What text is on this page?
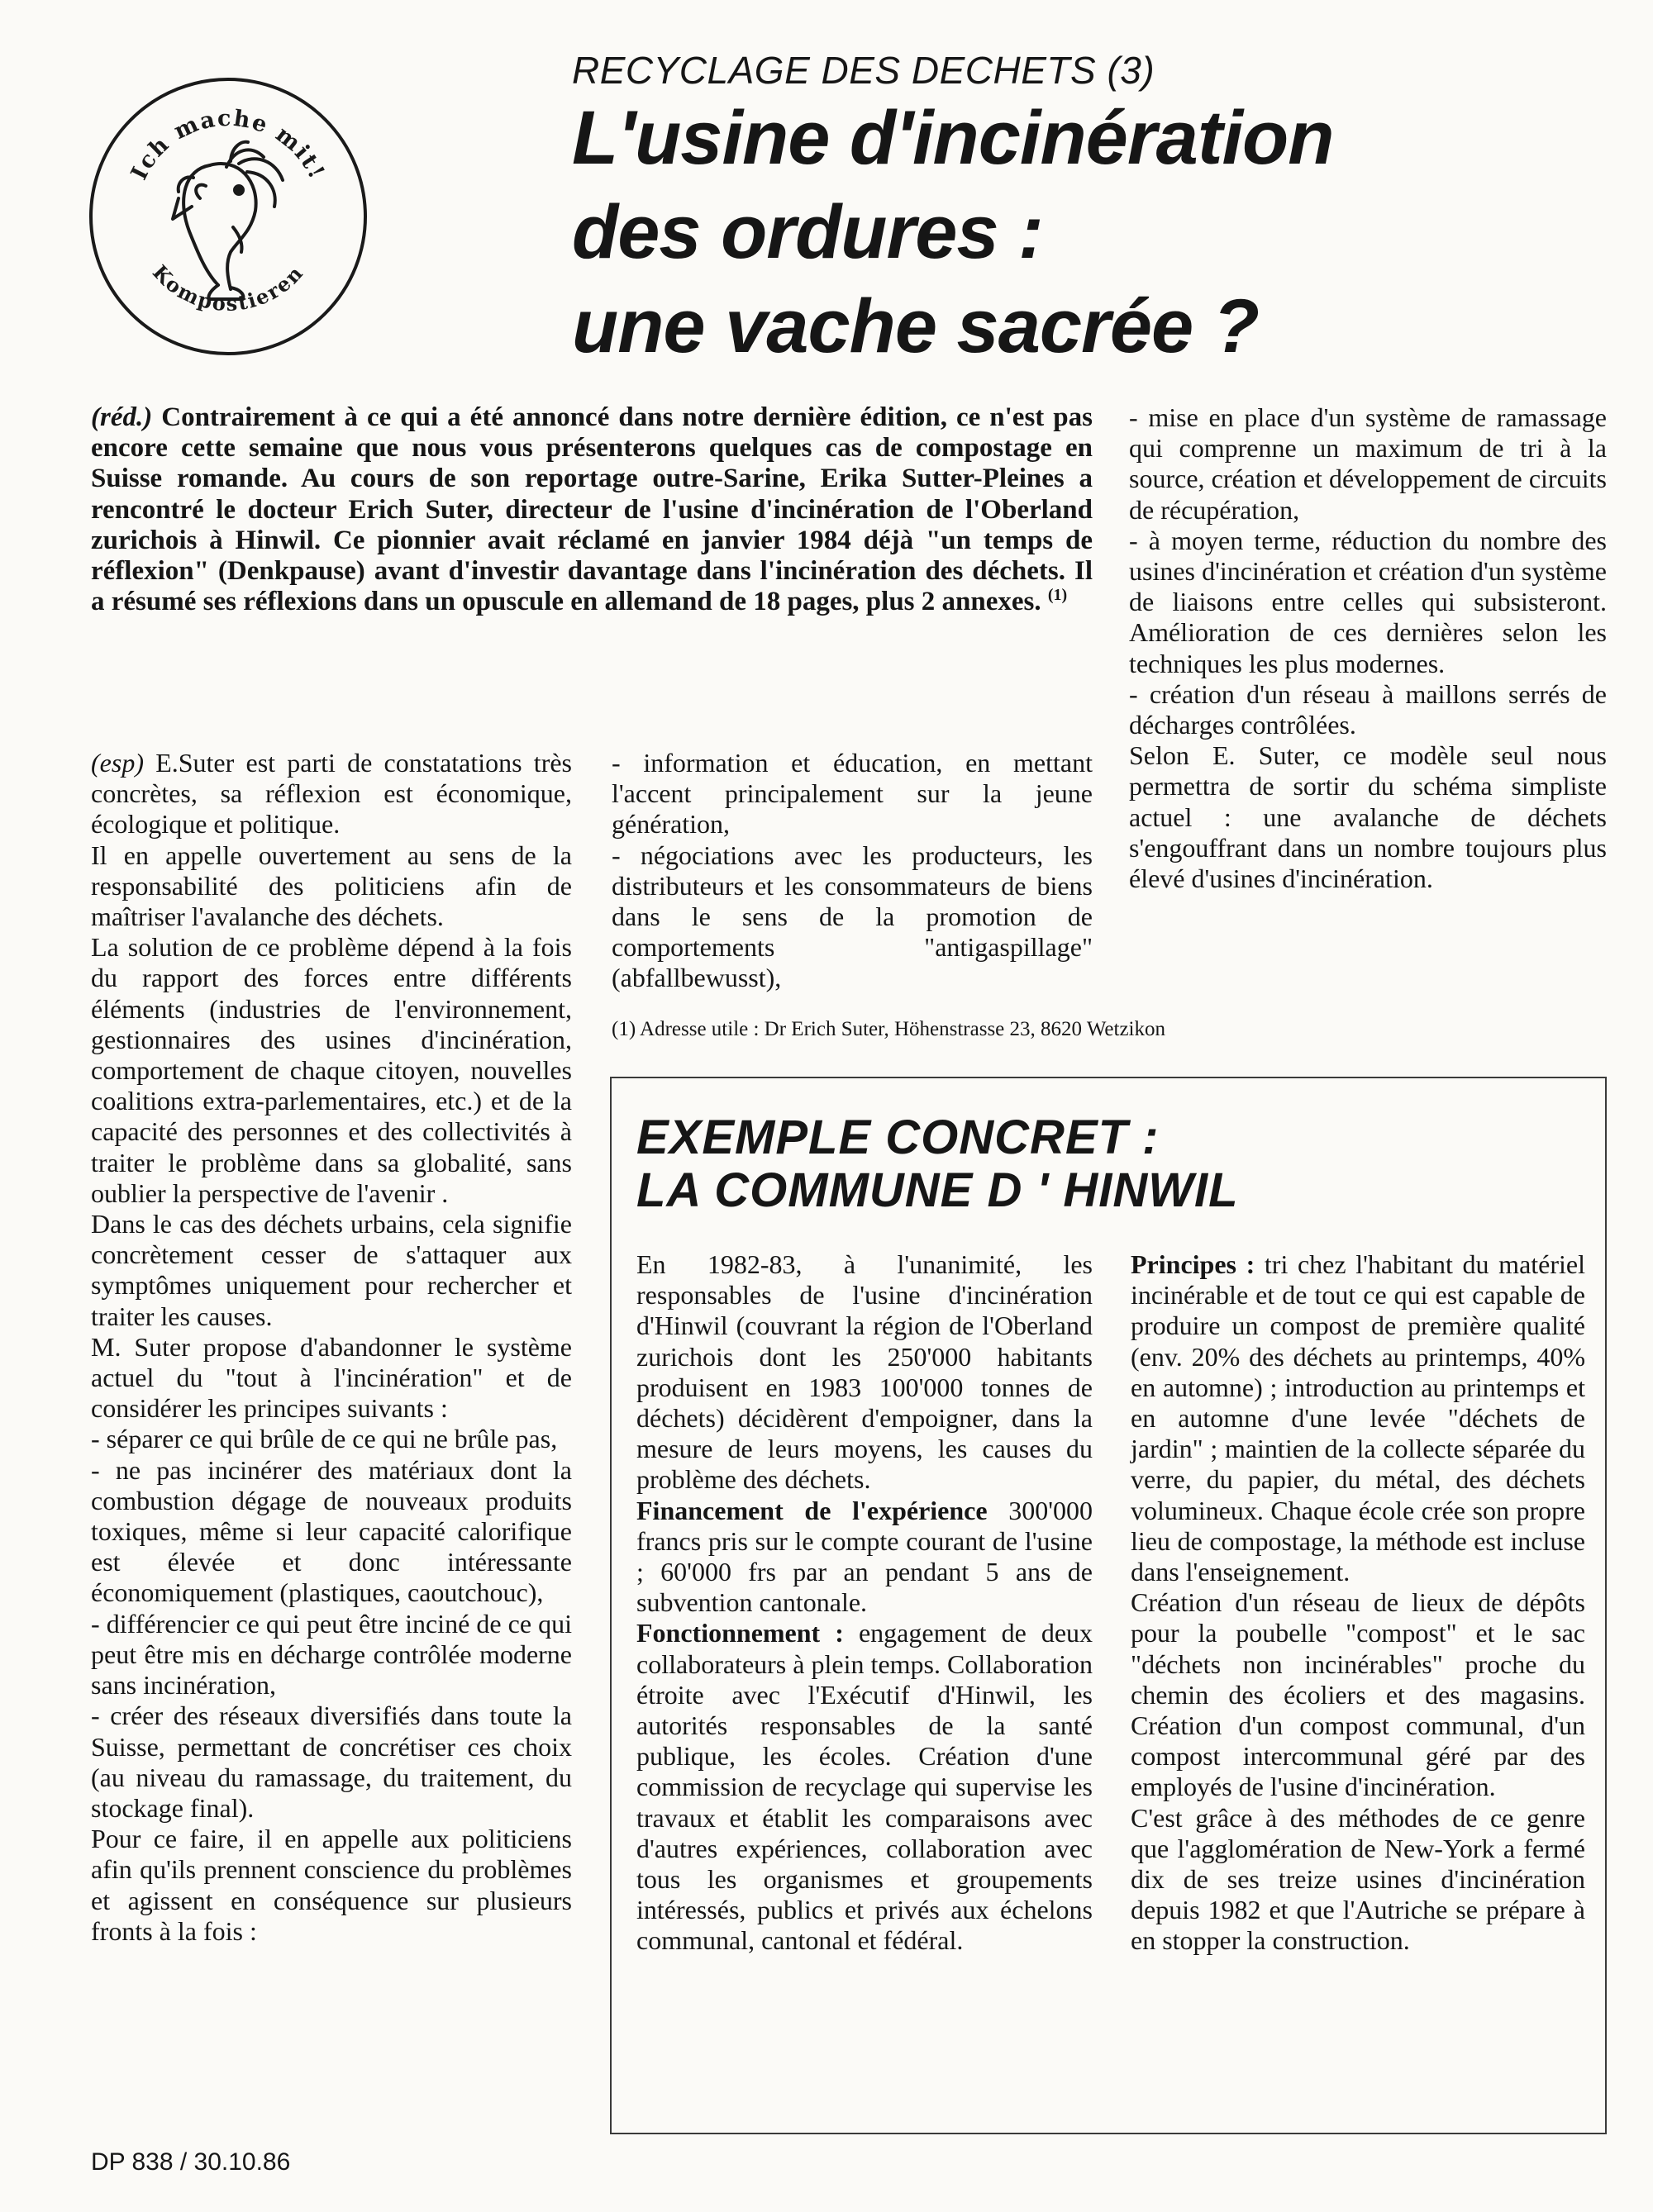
Ich mache mit!
Kompostieren
RECYCLAGE DES DECHETS (3)
L'usine d'incinération
des ordures :
une vache sacrée ?

(réd.) Contrairement à ce qui a été annoncé dans notre dernière édition, ce n'est pas encore cette semaine que nous vous présenterons quelques cas de compostage en Suisse romande. Au cours de son reportage outre-Sarine, Erika Sutter-Pleines a rencontré le docteur Erich Suter, directeur de l'usine d'incinération de l'Oberland zurichois à Hinwil. Ce pionnier avait réclamé en janvier 1984 déjà "un temps de réflexion" (Denkpause) avant d'investir davantage dans l'incinération des déchets. Il a résumé ses réflexions dans un opuscule en allemand de 18 pages, plus 2 annexes. $^{(1)}$

(esp) E.Suter est parti de constatations très concrètes, sa réflexion est économique, écologique et politique.

Il en appelle ouvertement au sens de la responsabilité des politiciens afin de maîtriser l'avalanche des déchets.

La solution de ce problème dépend à la fois du rapport des forces entre différents éléments (industries de l'environnement, gestionnaires des usines d'incinération, comportement de chaque citoyen, nouvelles coalitions extra-parlementaires, etc.) et de la capacité des personnes et des collectivités à traiter le problème dans sa globalité, sans oublier la perspective de l'avenir .

Dans le cas des déchets urbains, cela signifie concrètement cesser de s'attaquer aux symptômes uniquement pour rechercher et traiter les causes.

M. Suter propose d'abandonner le système actuel du "tout à l'incinération" et de considérer les principes suivants :

- séparer ce qui brûle de ce qui ne brûle pas,

- ne pas incinérer des matériaux dont la combustion dégage de nouveaux produits toxiques, même si leur capacité calorifique est élevée et donc intéressante économiquement (plastiques, caoutchouc),

- différencier ce qui peut être inciné de ce qui peut être mis en décharge contrôlée moderne sans incinération,

- créer des réseaux diversifiés dans toute la Suisse, permettant de concrétiser ces choix (au niveau du ramassage, du traitement, du stockage final).

Pour ce faire, il en appelle aux politiciens afin qu'ils prennent conscience du problèmes et agissent en conséquence sur plusieurs fronts à la fois :

- information et éducation, en mettant l'accent principalement sur la jeune génération,

- négociations avec les producteurs, les distributeurs et les consommateurs de biens dans le sens de la promotion de comportements "antigaspillage" (abfallbewusst),

(1) Adresse utile : Dr Erich Suter, Höhenstrasse 23, 8620 Wetzikon

- mise en place d'un système de ramassage qui comprenne un maximum de tri à la source, création et développement de circuits de récupération,

- à moyen terme, réduction du nombre des usines d'incinération et création d'un système de liaisons entre celles qui subsisteront. Amélioration de ces dernières selon les techniques les plus modernes.

- création d'un réseau à maillons serrés de décharges contrôlées.

Selon E. Suter, ce modèle seul nous permettra de sortir du schéma simpliste actuel : une avalanche de déchets s'engouffrant dans un nombre toujours plus élevé d'usines d'incinération.

EXEMPLE CONCRET :
LA COMMUNE D ' HINWIL

En 1982-83, à l'unanimité, les responsables de l'usine d'incinération d'Hinwil (couvrant la région de l'Oberland zurichois dont les 250'000 habitants produisent en 1983 100'000 tonnes de déchets) décidèrent d'empoigner, dans la mesure de leurs moyens, les causes du problème des déchets.

Financement de l'expérience 300'000 francs pris sur le compte courant de l'usine ; 60'000 frs par an pendant 5 ans de subvention cantonale.

Fonctionnement : engagement de deux collaborateurs à plein temps. Collaboration étroite avec l'Exécutif d'Hinwil, les autorités responsables de la santé publique, les écoles. Création d'une commission de recyclage qui supervise les travaux et établit les comparaisons avec d'autres expériences, collaboration avec tous les organismes et groupements intéressés, publics et privés aux échelons communal, cantonal et fédéral.

Principes : tri chez l'habitant du matériel incinérable et de tout ce qui est capable de produire un compost de première qualité (env. 20% des déchets au printemps, 40% en automne) ; introduction au printemps et en automne d'une levée "déchets de jardin" ; maintien de la collecte séparée du verre, du papier, du métal, des déchets volumineux. Chaque école crée son propre lieu de compostage, la méthode est incluse dans l'enseignement.

Création d'un réseau de lieux de dépôts pour la poubelle "compost" et le sac "déchets non incinérables" proche du chemin des écoliers et des magasins. Création d'un compost communal, d'un compost intercommunal géré par des employés de l'usine d'incinération.

C'est grâce à des méthodes de ce genre que l'agglomération de New-York a fermé dix de ses treize usines d'incinération depuis 1982 et que l'Autriche se prépare à en stopper la construction.

DP 838 / 30.10.86
